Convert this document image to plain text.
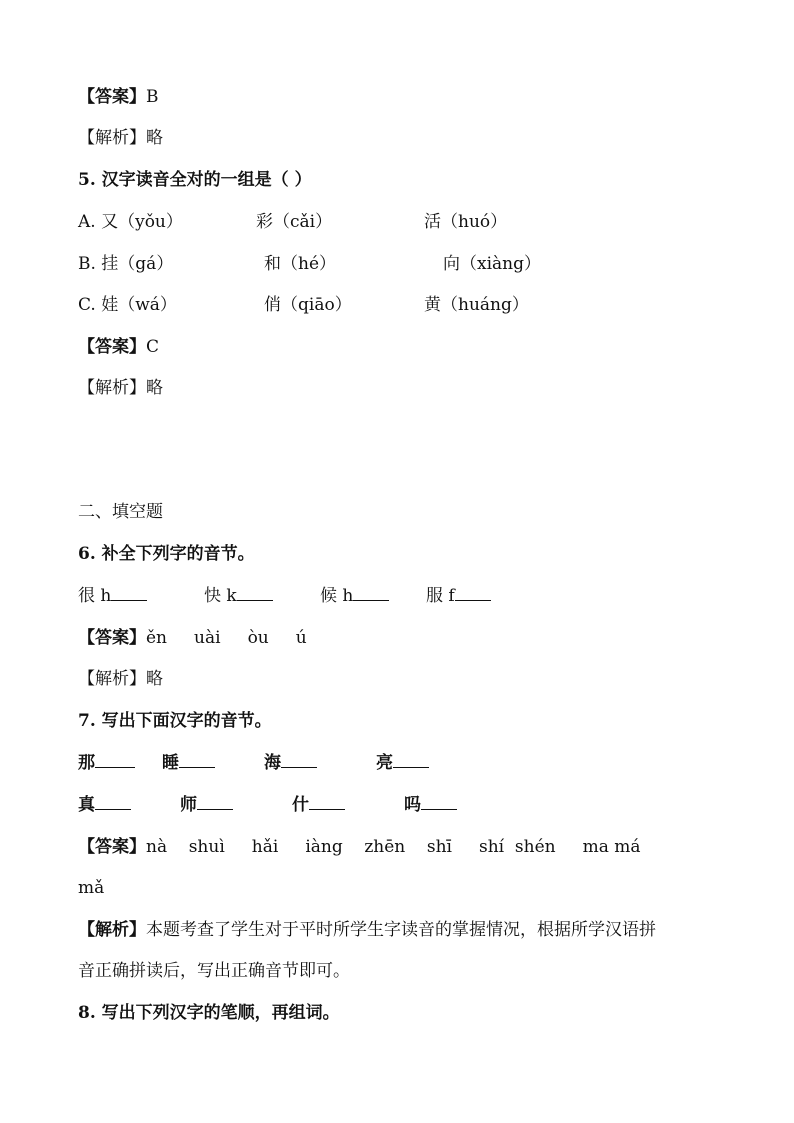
【答案】B
【解析】略
5. 汉字读音全对的一组是（ ）
A. 又（yǒu）	彩（cǎi）	活（huó）
B. 挂（gá）	和（hé）	向（xiàng）
C. 娃（wá）	俏（qiāo）	黄（huáng）
【答案】C
【解析】略
二、填空题
6. 补全下列字的音节。
很 h	快 k	候 h	服 f
【答案】ěn     uài     òu     ú
【解析】略
7. 写出下面汉字的音节。
那	睡	海	亮
真	师	什	吗
【答案】nà    shuì     hǎi     iàng    zhēn    shī     shí  shén     ma má
mǎ
【解析】本题考查了学生对于平时所学生字读音的掌握情况，根据所学汉语拼
音正确拼读后，写出正确音节即可。
8. 写出下列汉字的笔顺，再组词。
